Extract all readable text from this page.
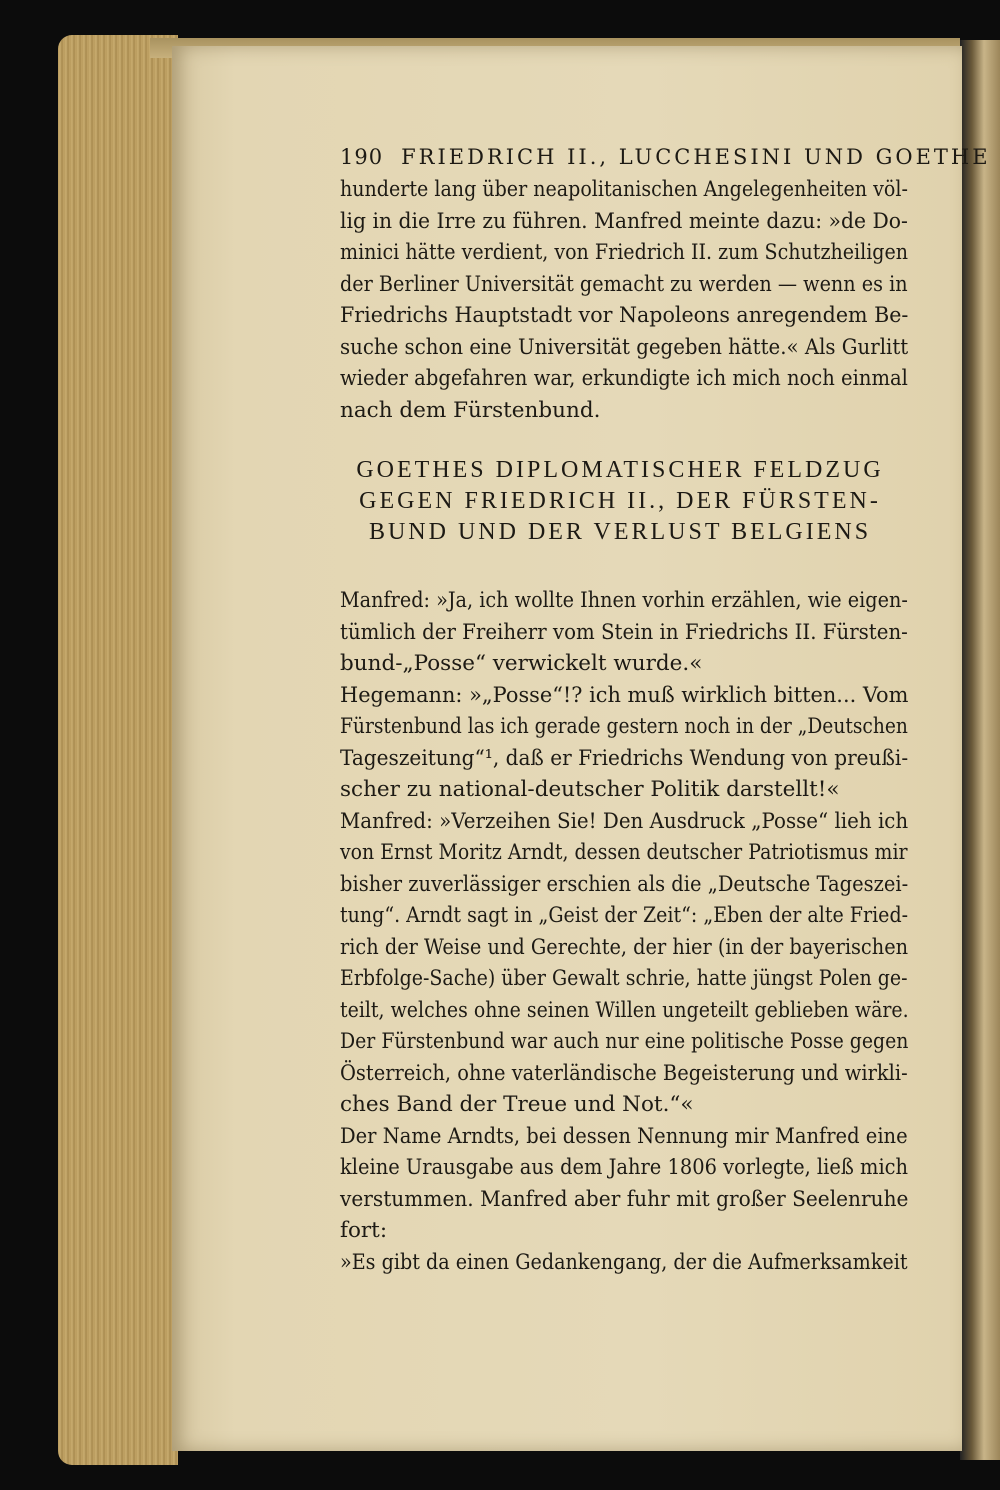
190 FRIEDRICH II., LUCCHESINI UND GOETHE
hunderte lang über neapolitanischen Angelegenheiten völ-
lig in die Irre zu führen. Manfred meinte dazu: »de Do-
minici hätte verdient, von Friedrich II. zum Schutzheiligen
der Berliner Universität gemacht zu werden — wenn es in
Friedrichs Hauptstadt vor Napoleons anregendem Be-
suche schon eine Universität gegeben hätte.« Als Gurlitt
wieder abgefahren war, erkundigte ich mich noch einmal
nach dem Fürstenbund.
GOETHES DIPLOMATISCHER FELDZUG
GEGEN FRIEDRICH II., DER FÜRSTEN-
BUND UND DER VERLUST BELGIENS
Manfred: »Ja, ich wollte Ihnen vorhin erzählen, wie eigen-
tümlich der Freiherr vom Stein in Friedrichs II. Fürsten-
bund-„Posse“ verwickelt wurde.«
Hegemann: »„Posse“!? ich muß wirklich bitten... Vom
Fürstenbund las ich gerade gestern noch in der „Deutschen
Tageszeitung“¹, daß er Friedrichs Wendung von preußi-
scher zu national-deutscher Politik darstellt!«
Manfred: »Verzeihen Sie! Den Ausdruck „Posse“ lieh ich
von Ernst Moritz Arndt, dessen deutscher Patriotismus mir
bisher zuverlässiger erschien als die „Deutsche Tageszei-
tung“. Arndt sagt in „Geist der Zeit“: „Eben der alte Fried-
rich der Weise und Gerechte, der hier (in der bayerischen
Erbfolge-Sache) über Gewalt schrie, hatte jüngst Polen ge-
teilt, welches ohne seinen Willen ungeteilt geblieben wäre.
Der Fürstenbund war auch nur eine politische Posse gegen
Österreich, ohne vaterländische Begeisterung und wirkli-
ches Band der Treue und Not.“«
Der Name Arndts, bei dessen Nennung mir Manfred eine
kleine Urausgabe aus dem Jahre 1806 vorlegte, ließ mich
verstummen. Manfred aber fuhr mit großer Seelenruhe
fort:
»Es gibt da einen Gedankengang, der die Aufmerksamkeit
